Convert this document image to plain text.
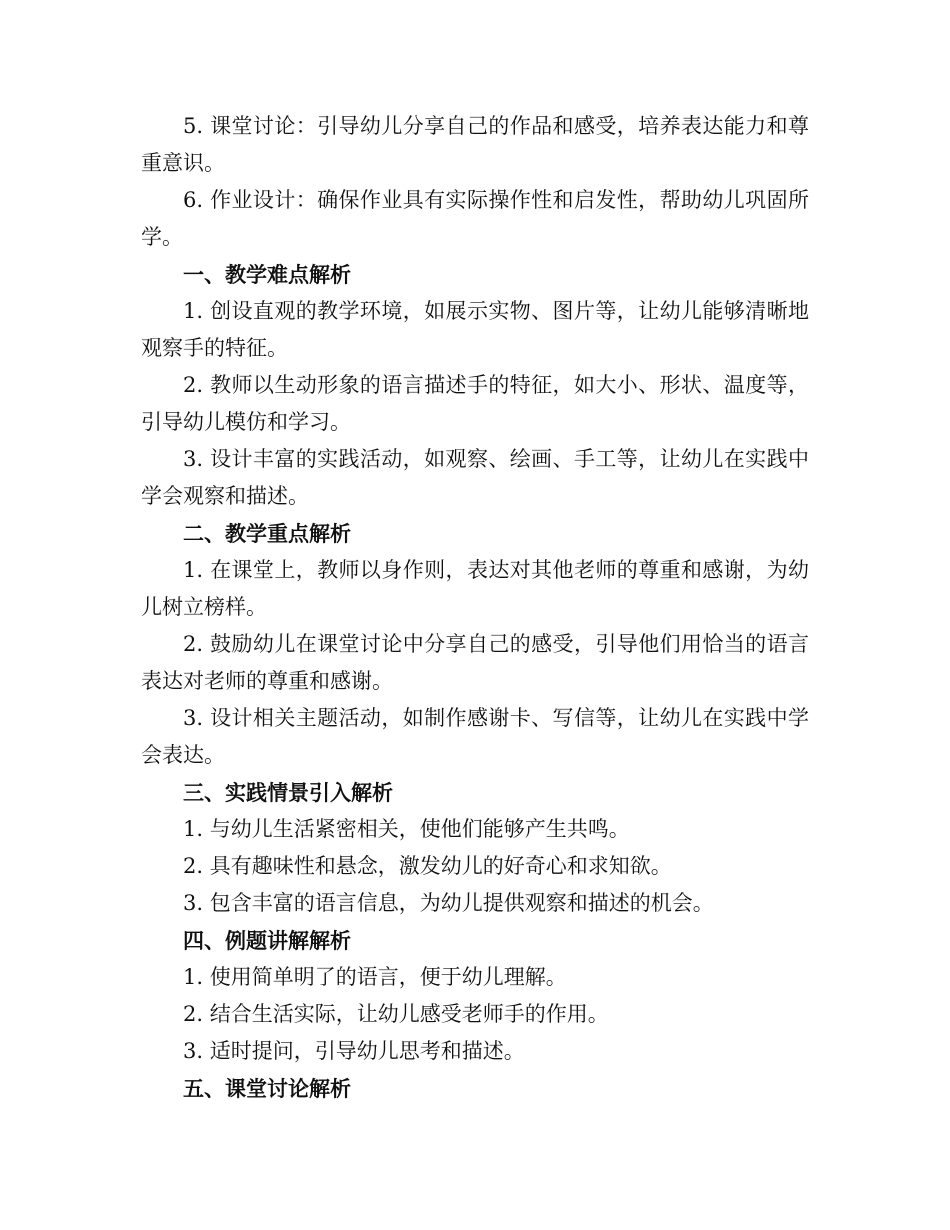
5. 课堂讨论：引导幼儿分享自己的作品和感受，培养表达能力和尊重意识。

6. 作业设计：确保作业具有实际操作性和启发性，帮助幼儿巩固所学。

一、教学难点解析

1. 创设直观的教学环境，如展示实物、图片等，让幼儿能够清晰地观察手的特征。

2. 教师以生动形象的语言描述手的特征，如大小、形状、温度等，引导幼儿模仿和学习。

3. 设计丰富的实践活动，如观察、绘画、手工等，让幼儿在实践中学会观察和描述。

二、教学重点解析

1. 在课堂上，教师以身作则，表达对其他老师的尊重和感谢，为幼儿树立榜样。

2. 鼓励幼儿在课堂讨论中分享自己的感受，引导他们用恰当的语言表达对老师的尊重和感谢。

3. 设计相关主题活动，如制作感谢卡、写信等，让幼儿在实践中学会表达。

三、实践情景引入解析

1. 与幼儿生活紧密相关，使他们能够产生共鸣。

2. 具有趣味性和悬念，激发幼儿的好奇心和求知欲。

3. 包含丰富的语言信息，为幼儿提供观察和描述的机会。

四、例题讲解解析

1. 使用简单明了的语言，便于幼儿理解。

2. 结合生活实际，让幼儿感受老师手的作用。

3. 适时提问，引导幼儿思考和描述。

五、课堂讨论解析
